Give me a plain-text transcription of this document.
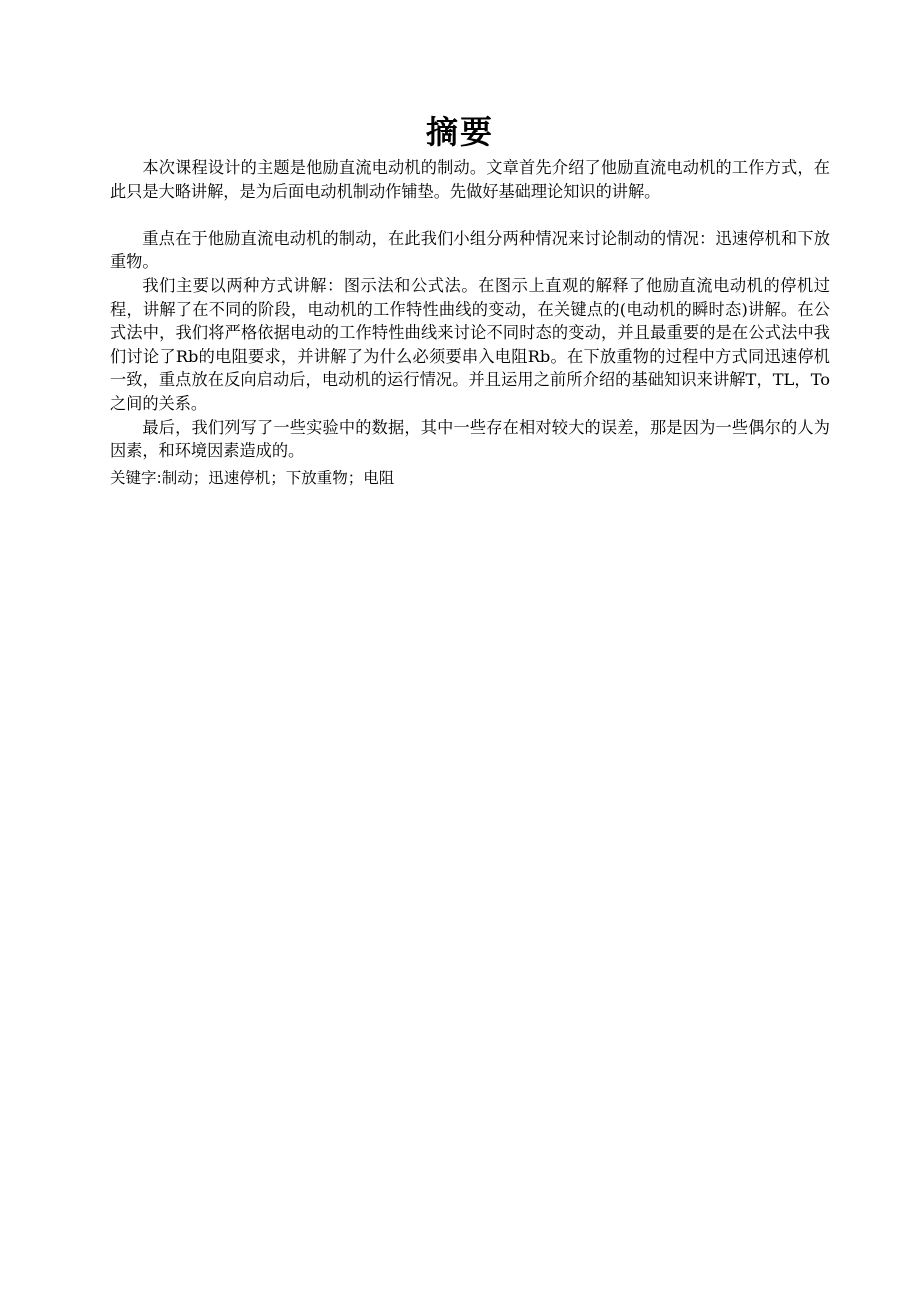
摘要

本次课程设计的主题是他励直流电动机的制动。文章首先介绍了他励直流电动机的工作方式，在此只是大略讲解，是为后面电动机制动作铺垫。先做好基础理论知识的讲解。

重点在于他励直流电动机的制动，在此我们小组分两种情况来讨论制动的情况：迅速停机和下放重物。

我们主要以两种方式讲解：图示法和公式法。在图示上直观的解释了他励直流电动机的停机过程，讲解了在不同的阶段，电动机的工作特性曲线的变动，在关键点的(电动机的瞬时态)讲解。在公式法中，我们将严格依据电动的工作特性曲线来讨论不同时态的变动，并且最重要的是在公式法中我们讨论了Rb的电阻要求，并讲解了为什么必须要串入电阻Rb。在下放重物的过程中方式同迅速停机一致，重点放在反向启动后，电动机的运行情况。并且运用之前所介绍的基础知识来讲解T，TL，To之间的关系。

最后，我们列写了一些实验中的数据，其中一些存在相对较大的误差，那是因为一些偶尔的人为因素，和环境因素造成的。

关键字:制动；迅速停机；下放重物；电阻
